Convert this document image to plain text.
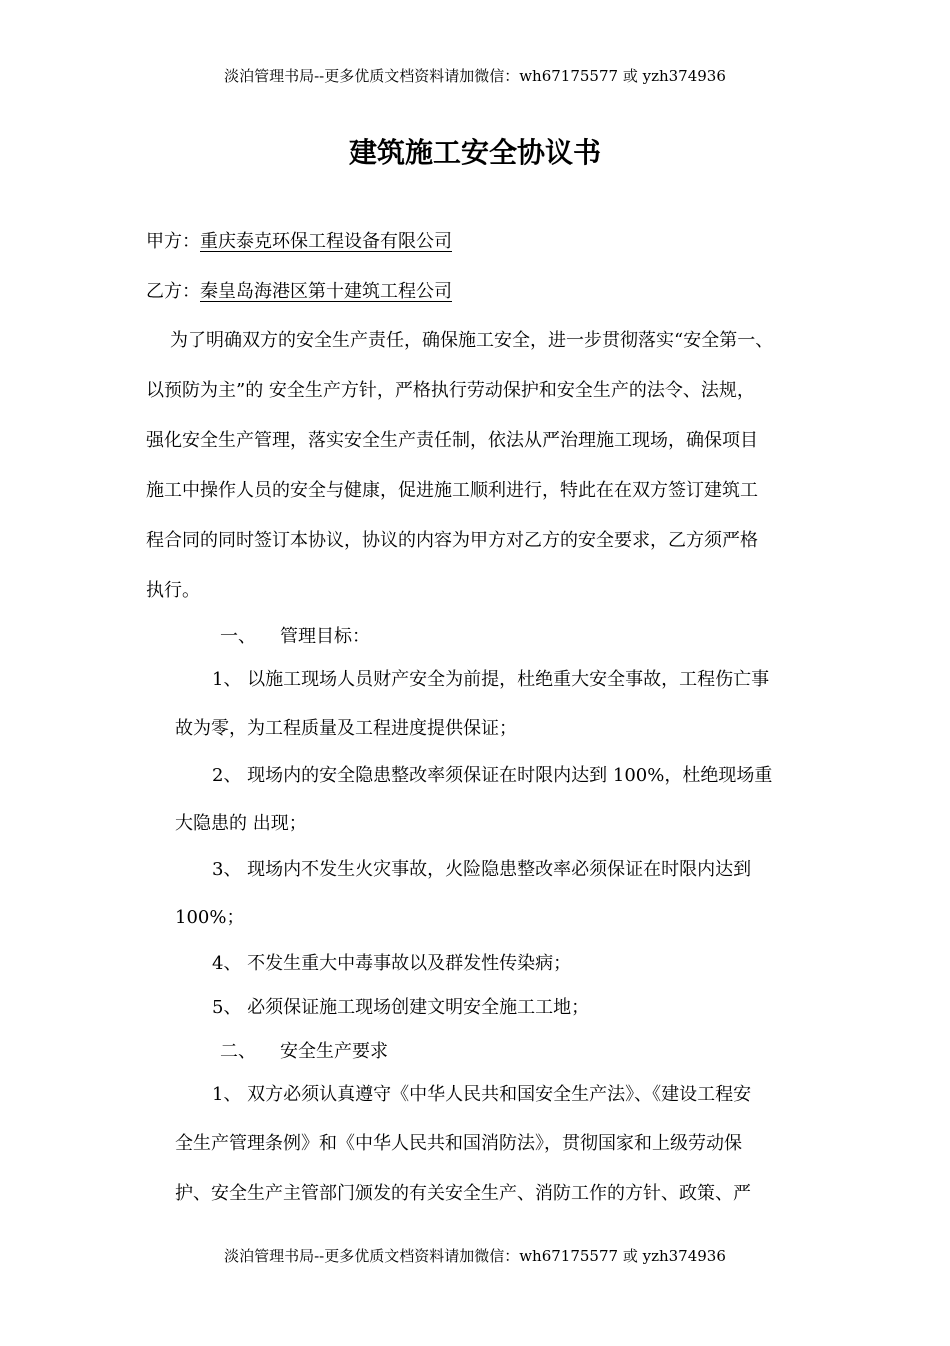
淡泊管理书局--更多优质文档资料请加微信：wh67175577 或 yzh374936
建筑施工安全协议书
甲方：重庆泰克环保工程设备有限公司
乙方：秦皇岛海港区第十建筑工程公司
为了明确双方的安全生产责任，确保施工安全，进一步贯彻落实“安全第一、
以预防为主”的 安全生产方针，严格执行劳动保护和安全生产的法令、法规，
强化安全生产管理，落实安全生产责任制，依法从严治理施工现场，确保项目
施工中操作人员的安全与健康，促进施工顺利进行，特此在在双方签订建筑工
程合同的同时签订本协议，协议的内容为甲方对乙方的安全要求，乙方须严格
执行。
一、 管理目标：
1、 以施工现场人员财产安全为前提，杜绝重大安全事故，工程伤亡事
故为零，为工程质量及工程进度提供保证；
2、 现场内的安全隐患整改率须保证在时限内达到 100%，杜绝现场重
大隐患的 出现；
3、 现场内不发生火灾事故，火险隐患整改率必须保证在时限内达到
100%；
4、 不发生重大中毒事故以及群发性传染病；
5、 必须保证施工现场创建文明安全施工工地；
二、 安全生产要求
1、 双方必须认真遵守《中华人民共和国安全生产法》、《建设工程安
全生产管理条例》和《中华人民共和国消防法》，贯彻国家和上级劳动保
护、安全生产主管部门颁发的有关安全生产、消防工作的方针、政策、严
淡泊管理书局--更多优质文档资料请加微信：wh67175577 或 yzh374936
